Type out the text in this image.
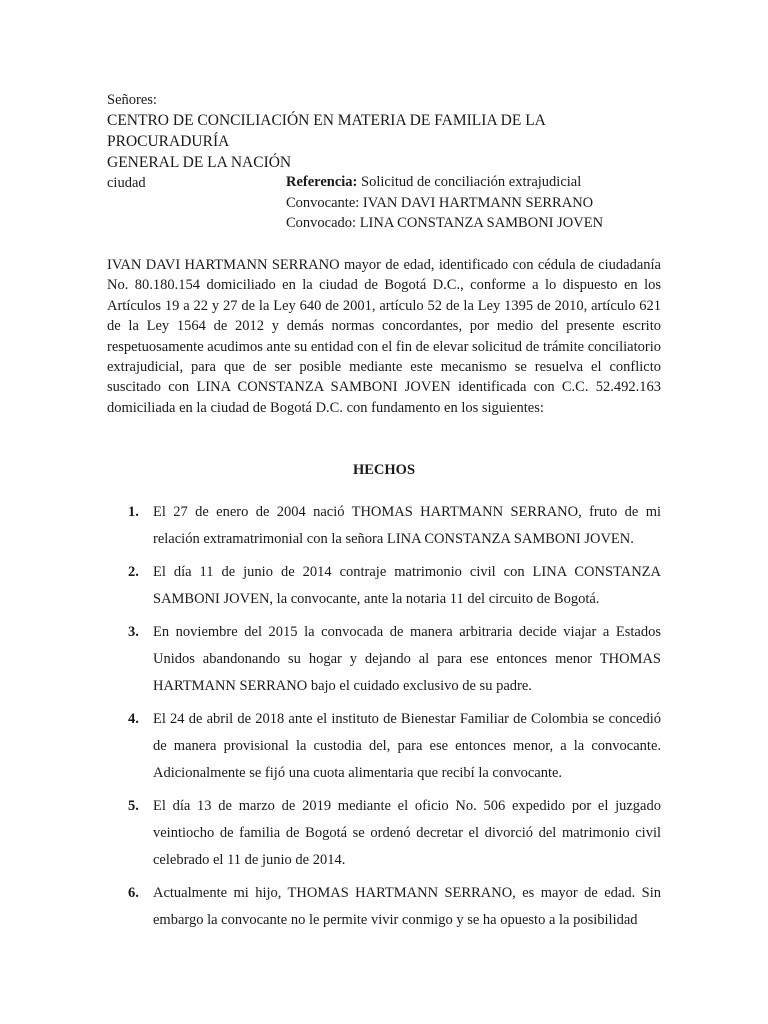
Señores:
CENTRO DE CONCILIACIÓN EN MATERIA DE FAMILIA DE LA PROCURADURÍA
GENERAL DE LA NACIÓN
ciudad	Referencia: Solicitud de conciliación extrajudicial
Convocante: IVAN DAVI HARTMANN SERRANO
Convocado: LINA CONSTANZA SAMBONI JOVEN

IVAN DAVI HARTMANN SERRANO mayor de edad, identificado con cédula de ciudadanía No. 80.180.154 domiciliado en la ciudad de Bogotá D.C., conforme a lo dispuesto en los Artículos 19 a 22 y 27 de la Ley 640 de 2001, artículo 52 de la Ley 1395 de 2010, artículo 621 de la Ley 1564 de 2012 y demás normas concordantes, por medio del presente escrito respetuosamente acudimos ante su entidad con el fin de elevar solicitud de trámite conciliatorio extrajudicial, para que de ser posible mediante este mecanismo se resuelva el conflicto suscitado con LINA CONSTANZA SAMBONI JOVEN identificada con C.C. 52.492.163 domiciliada en la ciudad de Bogotá D.C. con fundamento en los siguientes:

HECHOS
1. El 27 de enero de 2004 nació THOMAS HARTMANN SERRANO, fruto de mi relación extramatrimonial con la señora LINA CONSTANZA SAMBONI JOVEN.
2. El día 11 de junio de 2014 contraje matrimonio civil con LINA CONSTANZA SAMBONI JOVEN, la convocante, ante la notaria 11 del circuito de Bogotá.
3. En noviembre del 2015 la convocada de manera arbitraria decide viajar a Estados Unidos abandonando su hogar y dejando al para ese entonces menor THOMAS HARTMANN SERRANO bajo el cuidado exclusivo de su padre.
4. El 24 de abril de 2018 ante el instituto de Bienestar Familiar de Colombia se concedió de manera provisional la custodia del, para ese entonces menor, a la convocante. Adicionalmente se fijó una cuota alimentaria que recibí la convocante.
5. El día 13 de marzo de 2019 mediante el oficio No. 506 expedido por el juzgado veintiocho de familia de Bogotá se ordenó decretar el divorció del matrimonio civil celebrado el 11 de junio de 2014.
6. Actualmente mi hijo, THOMAS HARTMANN SERRANO, es mayor de edad. Sin embargo la convocante no le permite vivir conmigo y se ha opuesto a la posibilidad
